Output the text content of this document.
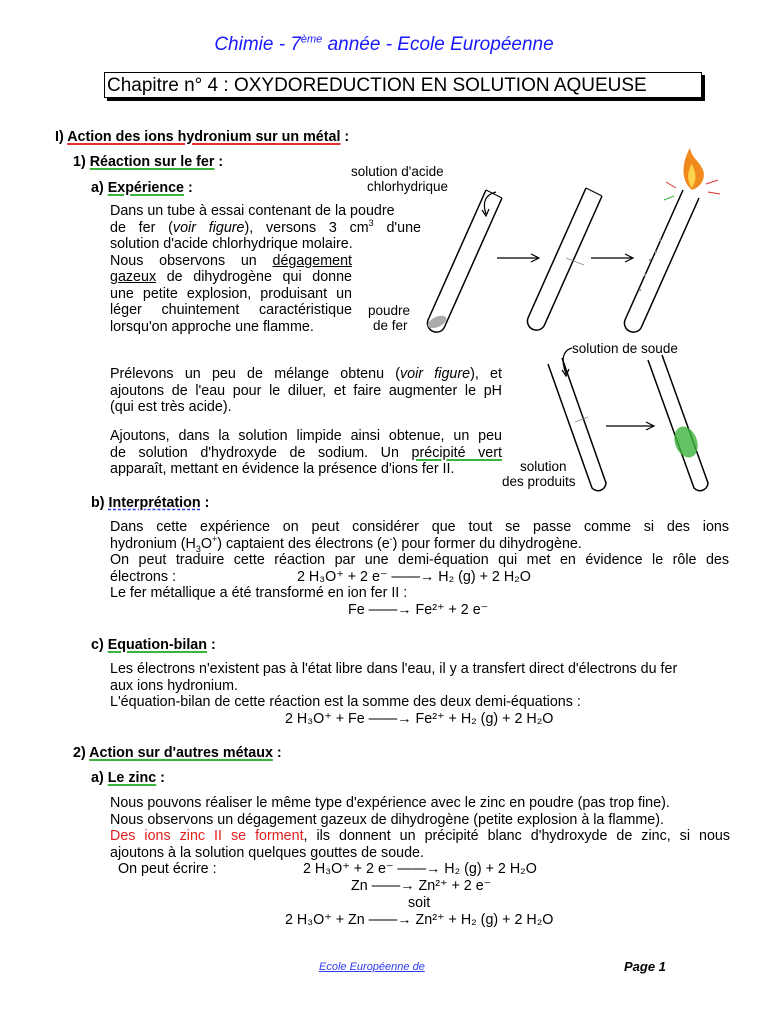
Chimie - 7ème année - Ecole Européenne
Chapitre n° 4 : OXYDOREDUCTION EN SOLUTION AQUEUSE
I) Action des ions hydronium sur un métal :
1) Réaction sur le fer :
a) Expérience :
Dans un tube à essai contenant de la poudre
de fer (voir figure), versons 3 $cm^3$ d'une
solution d'acide chlorhydrique molaire.
Nous observons un dégagement
gazeux de dihydrogène qui donne
une petite explosion, produisant un
léger chuintement caractéristique
lorsqu'on approche une flamme.
Prélevons un peu de mélange obtenu (voir figure), et
ajoutons de l'eau pour le diluer, et faire augmenter le pH
(qui est très acide).
Ajoutons, dans la solution limpide ainsi obtenue, un peu
de solution d'hydroxyde de sodium. Un précipité vert
apparaît, mettant en évidence la présence d'ions fer II.
b) Interprétation :
Dans cette expérience on peut considérer que tout se passe comme si des ions
hydronium $(H_3O^+)$ captaient des électrons (e-) pour former du dihydrogène.
On peut traduire cette réaction par une demi-équation qui met en évidence le rôle des
électrons :
Le fer métallique a été transformé en ion fer II :
2 H₃O⁺ + 2 e⁻ ——→ H₂ (g) + 2 H₂O
Fe ——→ Fe²⁺ + 2 e⁻
c) Equation-bilan :
Les électrons n'existent pas à l'état libre dans l'eau, il y a transfert direct d'électrons du fer
aux ions hydronium.
L'équation-bilan de cette réaction est la somme des deux demi-équations :
2 H₃O⁺ + Fe ——→ Fe²⁺ + H₂ (g) + 2 H₂O
2) Action sur d'autres métaux :
a) Le zinc :
Nous pouvons réaliser le même type d'expérience avec le zinc en poudre (pas trop fine).
Nous observons un dégagement gazeux de dihydrogène (petite explosion à la flamme).
Des ions zinc II se forment, ils donnent un précipité blanc d'hydroxyde de zinc, si nous
ajoutons à la solution quelques gouttes de soude.
On peut écrire :	2 H₃O⁺ + 2 e⁻ ——→ H₂ (g) + 2 H₂O
Zn ——→ Zn²⁺ + 2 e⁻
soit
2 H₃O⁺ + Zn ——→ Zn²⁺ + H₂ (g) + 2 H₂O
Ecole Européenne de	Page 1
solution d'acide
chlorhydrique
poudre
de fer
solution de soude
solution
des produits
